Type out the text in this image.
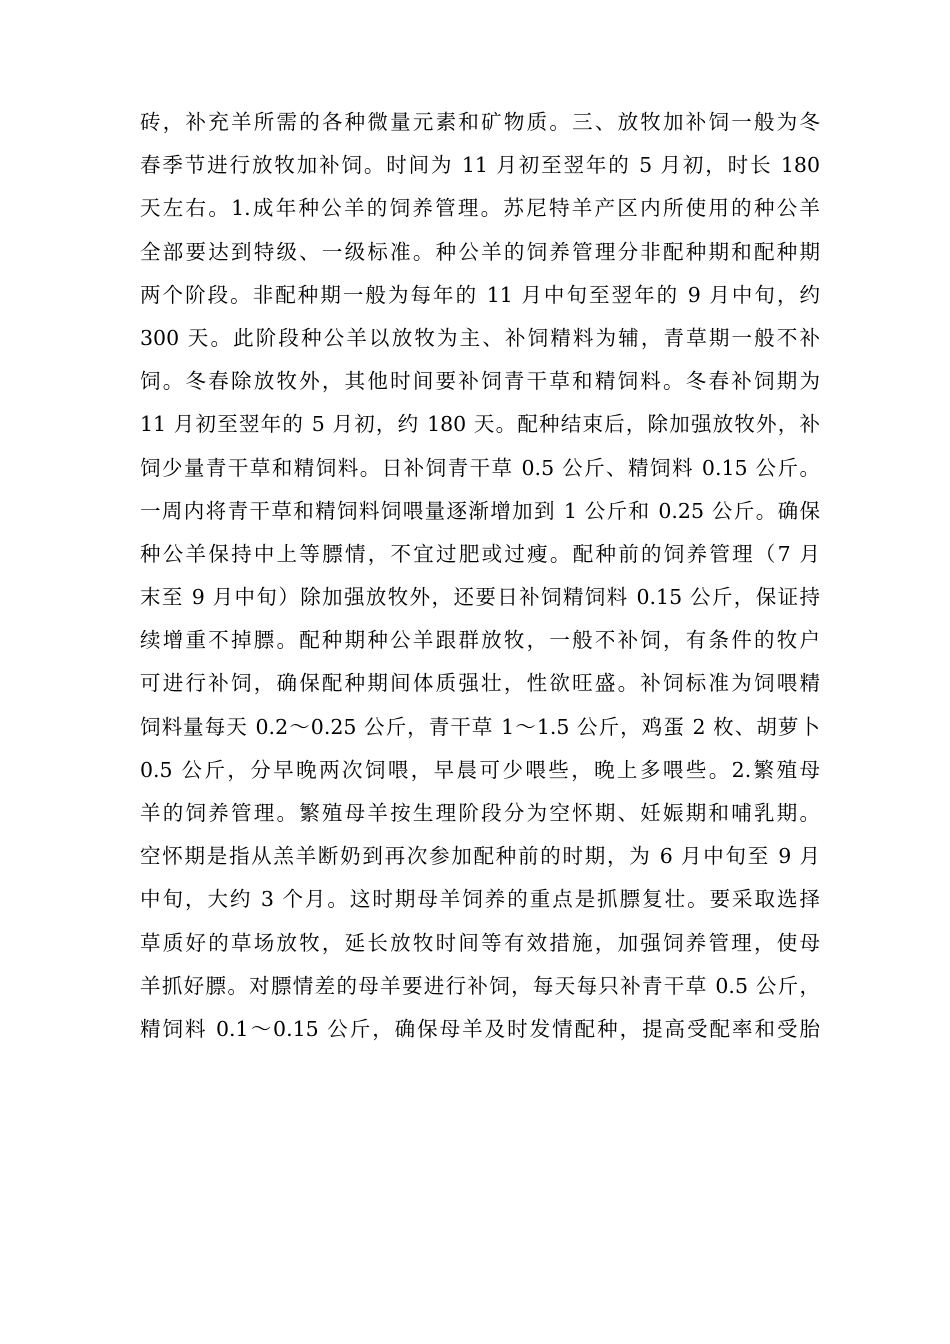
砖，补充羊所需的各种微量元素和矿物质。三、放牧加补饲一般为冬
春季节进行放牧加补饲。时间为 11 月初至翌年的 5 月初，时长 180
天左右。1.成年种公羊的饲养管理。苏尼特羊产区内所使用的种公羊
全部要达到特级、一级标准。种公羊的饲养管理分非配种期和配种期
两个阶段。非配种期一般为每年的 11 月中旬至翌年的 9 月中旬，约
300 天。此阶段种公羊以放牧为主、补饲精料为辅，青草期一般不补
饲。冬春除放牧外，其他时间要补饲青干草和精饲料。冬春补饲期为
11 月初至翌年的 5 月初，约 180 天。配种结束后，除加强放牧外，补
饲少量青干草和精饲料。日补饲青干草 0.5 公斤、精饲料 0.15 公斤。
一周内将青干草和精饲料饲喂量逐渐增加到 1 公斤和 0.25 公斤。确保
种公羊保持中上等膘情，不宜过肥或过瘦。配种前的饲养管理（7 月
末至 9 月中旬）除加强放牧外，还要日补饲精饲料 0.15 公斤，保证持
续增重不掉膘。配种期种公羊跟群放牧，一般不补饲，有条件的牧户
可进行补饲，确保配种期间体质强壮，性欲旺盛。补饲标准为饲喂精
饲料量每天 0.2～0.25 公斤，青干草 1～1.5 公斤，鸡蛋 2 枚、胡萝卜
0.5 公斤，分早晚两次饲喂，早晨可少喂些，晚上多喂些。2.繁殖母
羊的饲养管理。繁殖母羊按生理阶段分为空怀期、妊娠期和哺乳期。
空怀期是指从羔羊断奶到再次参加配种前的时期，为 6 月中旬至 9 月
中旬，大约 3 个月。这时期母羊饲养的重点是抓膘复壮。要采取选择
草质好的草场放牧，延长放牧时间等有效措施，加强饲养管理，使母
羊抓好膘。对膘情差的母羊要进行补饲，每天每只补青干草 0.5 公斤，
精饲料 0.1～0.15 公斤，确保母羊及时发情配种，提高受配率和受胎
